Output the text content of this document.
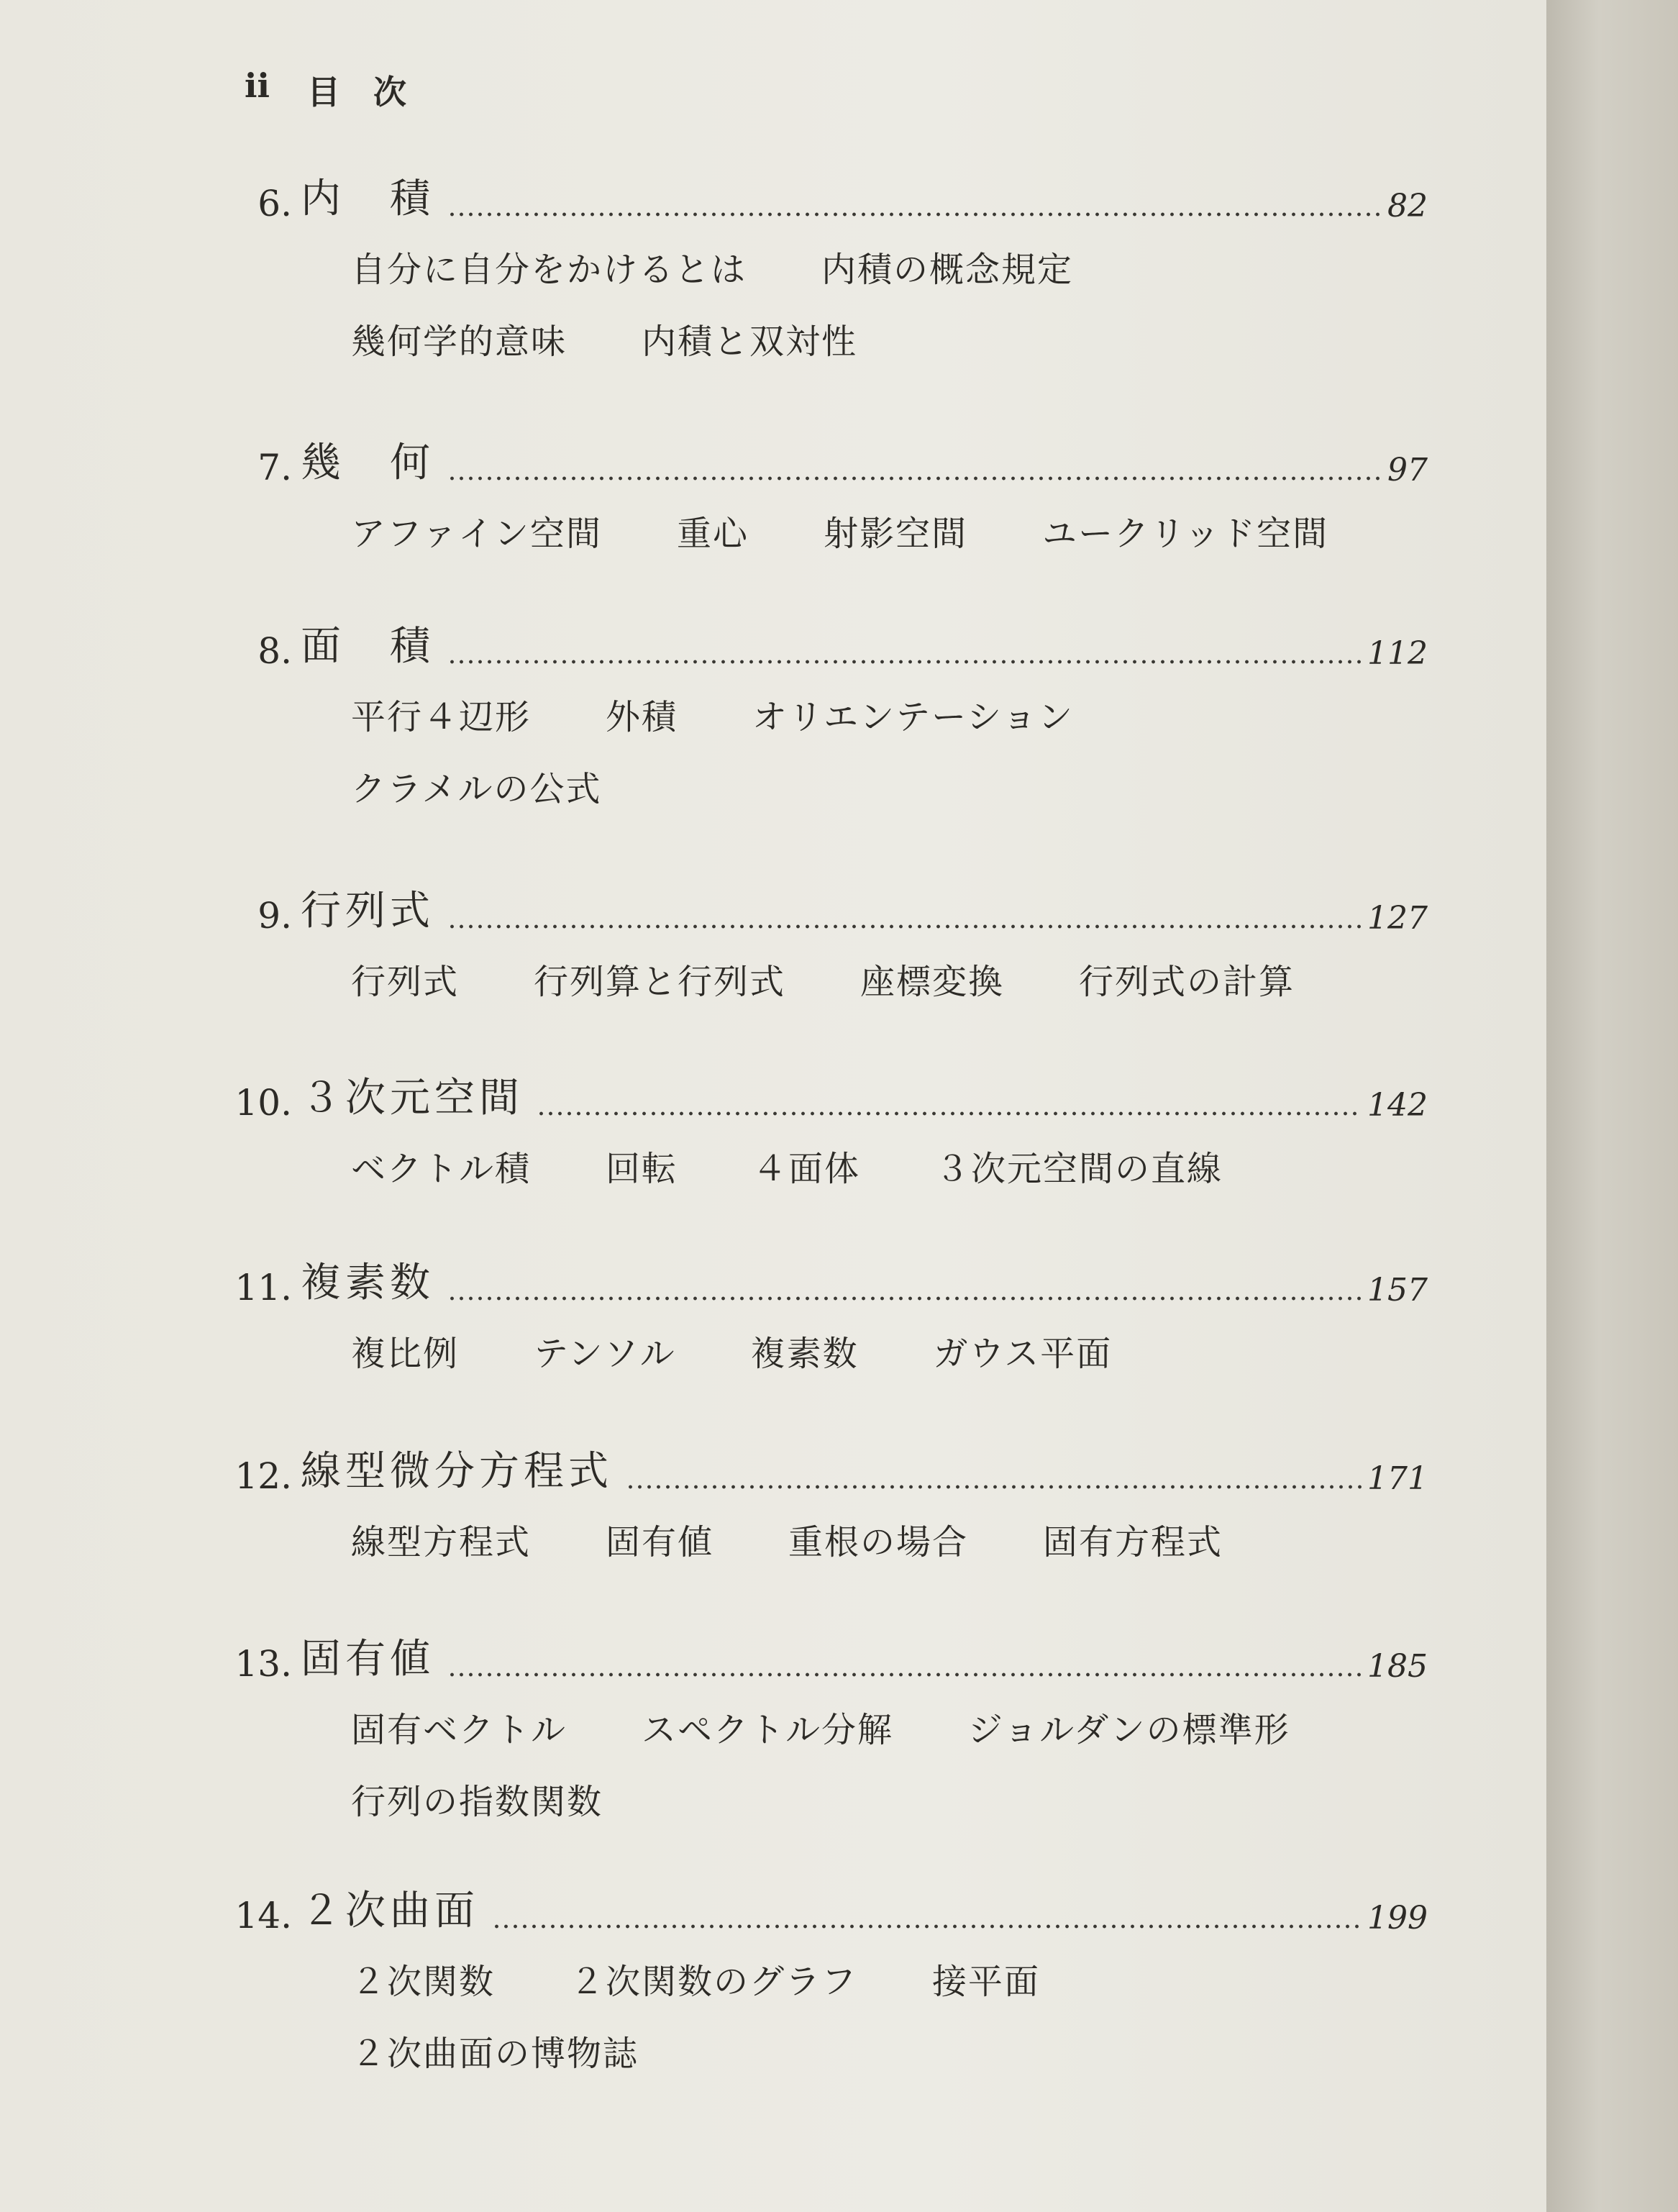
ii 目　次
6. 内　積	82
自分に自分をかけるとは 内積の概念規定
幾何学的意味 内積と双対性
7. 幾　何	97
アファイン空間 重心 射影空間 ユークリッド空間
8. 面　積	112
平行４辺形 外積 オリエンテーション
クラメルの公式
9. 行列式	127
行列式 行列算と行列式 座標変換 行列式の計算
10. ３次元空間	142
ベクトル積 回転 ４面体 ３次元空間の直線
11. 複素数	157
複比例 テンソル 複素数 ガウス平面
12. 線型微分方程式	171
線型方程式 固有値 重根の場合 固有方程式
13. 固有値	185
固有ベクトル スペクトル分解 ジョルダンの標準形
行列の指数関数
14. ２次曲面	199
２次関数 ２次関数のグラフ 接平面
２次曲面の博物誌
